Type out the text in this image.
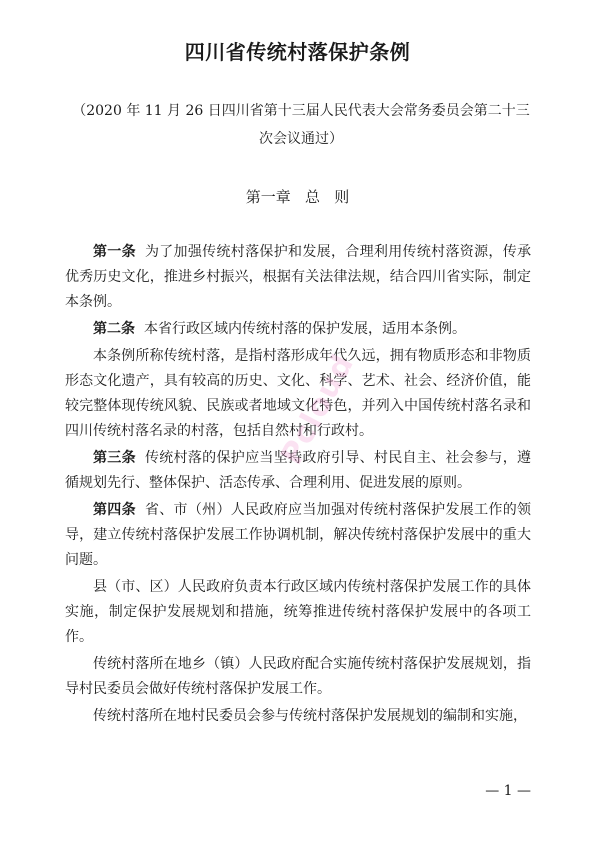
四川省传统村落保护条例
（2020 年 11 月 26 日四川省第十三届人民代表大会常务委员会第二十三次会议通过）
第一章   总   则

第一条 为了加强传统村落保护和发展，合理利用传统村落资源，传承优秀历史文化，推进乡村振兴，根据有关法律法规，结合四川省实际，制定本条例。

第二条 本省行政区域内传统村落的保护发展，适用本条例。

本条例所称传统村落，是指村落形成年代久远，拥有物质形态和非物质形态文化遗产，具有较高的历史、文化、科学、艺术、社会、经济价值，能较完整体现传统风貌、民族或者地域文化特色，并列入中国传统村落名录和四川传统村落名录的村落，包括自然村和行政村。

第三条 传统村落的保护应当坚持政府引导、村民自主、社会参与，遵循规划先行、整体保护、活态传承、合理利用、促进发展的原则。

第四条 省、市（州）人民政府应当加强对传统村落保护发展工作的领导，建立传统村落保护发展工作协调机制，解决传统村落保护发展中的重大问题。

县（市、区）人民政府负责本行政区域内传统村落保护发展工作的具体实施，制定保护发展规划和措施，统筹推进传统村落保护发展中的各项工作。

传统村落所在地乡（镇）人民政府配合实施传统村落保护发展规划，指导村民委员会做好传统村落保护发展工作。

传统村落所在地村民委员会参与传统村落保护发展规划的编制和实施，

Pcloud
— 1 —
